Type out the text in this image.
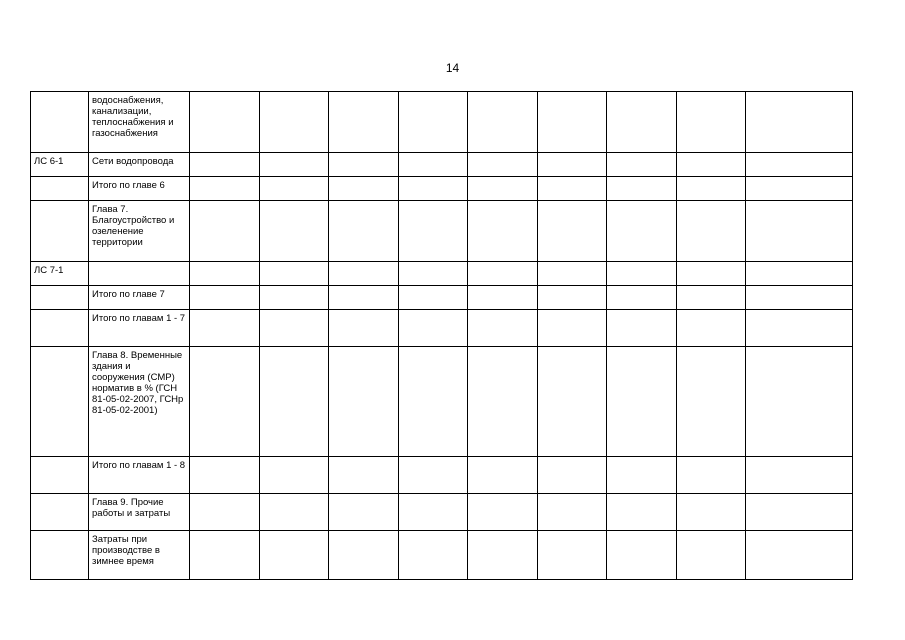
14
	водоснабжения, канализации, теплоснабжения и газоснабжения									
ЛС 6-1	Сети водопровода									
	Итого по главе 6									
	Глава 7. Благоустройство и озеленение территории									
ЛС 7-1										
	Итого по главе 7									
	Итого по главам 1 - 7									
	Глава 8. Временные здания и сооружения (СМР) норматив в % (ГСН 81-05-02-2007, ГСНр 81-05-02-2001)									
	Итого по главам 1 - 8									
	Глава 9. Прочие работы и затраты									
	Затраты при производстве в зимнее время									
